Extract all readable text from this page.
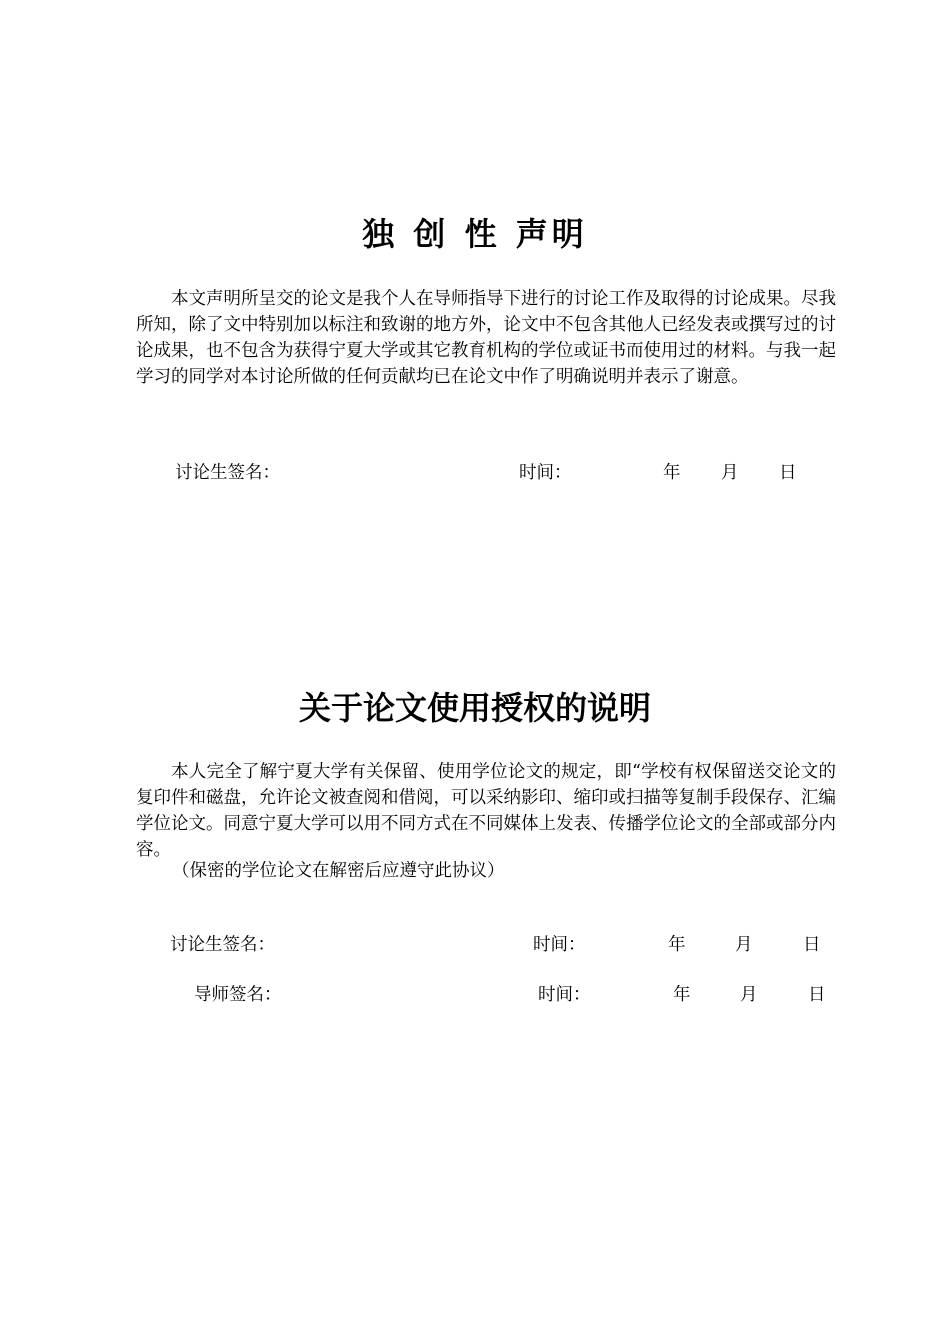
独 创 性 声明

本文声明所呈交的论文是我个人在导师指导下进行的讨论工作及取得的讨论成果。尽我所知，除了文中特别加以标注和致谢的地方外，论文中不包含其他人已经发表或撰写过的讨论成果，也不包含为获得宁夏大学或其它教育机构的学位或证书而使用过的材料。与我一起学习的同学对本讨论所做的任何贡献均已在论文中作了明确说明并表示了谢意。

讨论生签名：	时间：	年 月 日
关于论文使用授权的说明

本人完全了解宁夏大学有关保留、使用学位论文的规定，即“学校有权保留送交论文的复印件和磁盘，允许论文被查阅和借阅，可以采纳影印、缩印或扫描等复制手段保存、汇编学位论文。同意宁夏大学可以用不同方式在不同媒体上发表、传播学位论文的全部或部分内容。

（保密的学位论文在解密后应遵守此协议）

讨论生签名：	时间：	年	月	日
导师签名：	时间：	年	月	日
